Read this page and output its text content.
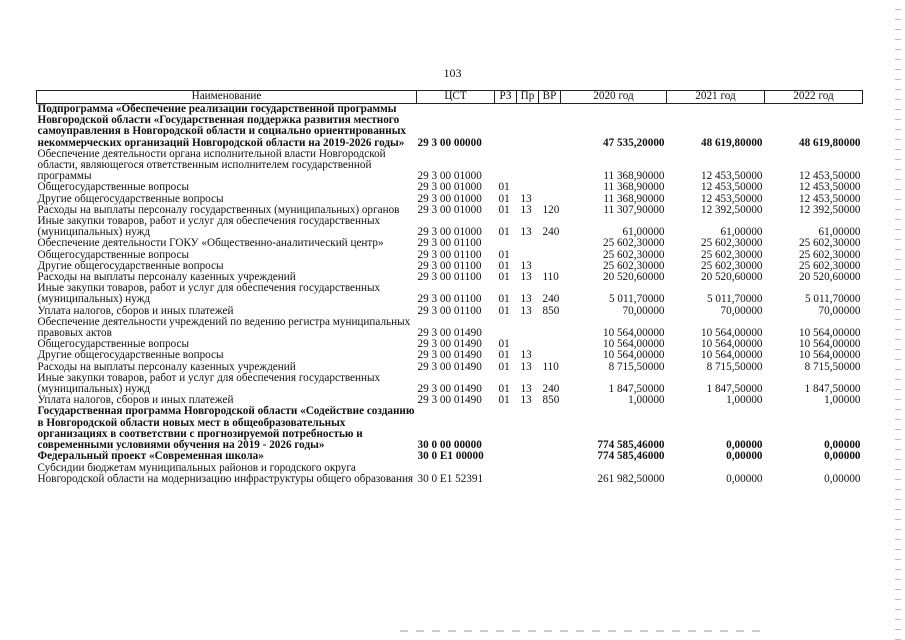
103
Наименование	ЦСТ	РЗ	Пр	ВР	2020 год	2021 год	2022 год
Подпрограмма «Обеспечение реализации государственной программы Новгородской области «Государственная поддержка развития местного самоуправления в Новгородской области и социально ориентированных некоммерческих организаций Новгородской области на 2019-2026 годы»	29 3 00 00000				47 535,20000	48 619,80000	48 619,80000
Обеспечение деятельности органа исполнительной власти Новгородской области, являющегося ответственным исполнителем государственной программы	29 3 00 01000				11 368,90000	12 453,50000	12 453,50000
Общегосударственные вопросы	29 3 00 01000	01			11 368,90000	12 453,50000	12 453,50000
Другие общегосударственные вопросы	29 3 00 01000	01	13		11 368,90000	12 453,50000	12 453,50000
Расходы на выплаты персоналу государственных (муниципальных) органов	29 3 00 01000	01	13	120	11 307,90000	12 392,50000	12 392,50000
Иные закупки товаров, работ и услуг для обеспечения государственных (муниципальных) нужд	29 3 00 01000	01	13	240	61,00000	61,00000	61,00000
Обеспечение деятельности ГОКУ «Общественно-аналитический центр»	29 3 00 01100				25 602,30000	25 602,30000	25 602,30000
Общегосударственные вопросы	29 3 00 01100	01			25 602,30000	25 602,30000	25 602,30000
Другие общегосударственные вопросы	29 3 00 01100	01	13		25 602,30000	25 602,30000	25 602,30000
Расходы на выплаты персоналу казенных учреждений	29 3 00 01100	01	13	110	20 520,60000	20 520,60000	20 520,60000
Иные закупки товаров, работ и услуг для обеспечения государственных (муниципальных) нужд	29 3 00 01100	01	13	240	5 011,70000	5 011,70000	5 011,70000
Уплата налогов, сборов и иных платежей	29 3 00 01100	01	13	850	70,00000	70,00000	70,00000
Обеспечение деятельности учреждений по ведению регистра муниципальных правовых актов	29 3 00 01490				10 564,00000	10 564,00000	10 564,00000
Общегосударственные вопросы	29 3 00 01490	01			10 564,00000	10 564,00000	10 564,00000
Другие общегосударственные вопросы	29 3 00 01490	01	13		10 564,00000	10 564,00000	10 564,00000
Расходы на выплаты персоналу казенных учреждений	29 3 00 01490	01	13	110	8 715,50000	8 715,50000	8 715,50000
Иные закупки товаров, работ и услуг для обеспечения государственных (муниципальных) нужд	29 3 00 01490	01	13	240	1 847,50000	1 847,50000	1 847,50000
Уплата налогов, сборов и иных платежей	29 3 00 01490	01	13	850	1,00000	1,00000	1,00000
Государственная программа Новгородской области «Содействие созданию в Новгородской области новых мест в общеобразовательных организациях в соответствии с прогнозируемой потребностью и современными условиями обучения на 2019 - 2026 годы»	30 0 00 00000				774 585,46000	0,00000	0,00000
Федеральный проект «Современная школа»	30 0 E1 00000				774 585,46000	0,00000	0,00000
Субсидии бюджетам муниципальных районов и городского округа Новгородской области на модернизацию инфраструктуры общего образования	30 0 E1 52391				261 982,50000	0,00000	0,00000
